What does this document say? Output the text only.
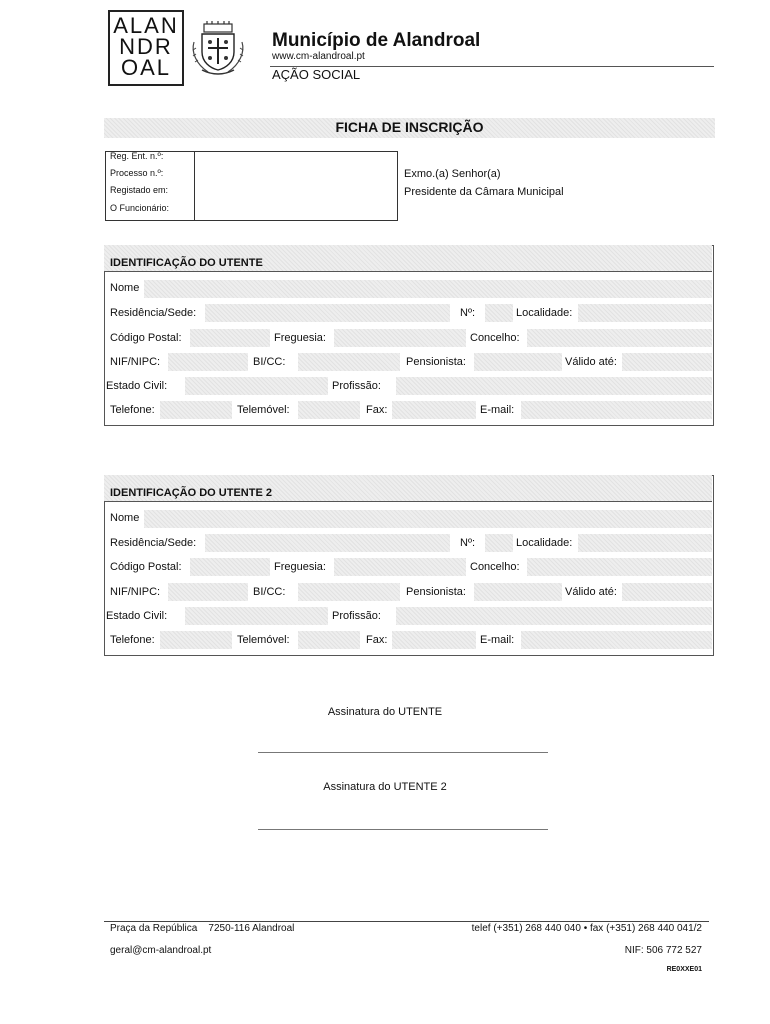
ALAN
NDR
OAL
Município de Alandroal
www.cm-alandroal.pt
AÇÃO SOCIAL
FICHA DE INSCRIÇÃO
Reg. Ent. n.º:
Processo n.º:
Registado em:
O Funcionário:
Exmo.(a) Senhor(a)
Presidente da Câmara Municipal
IDENTIFICAÇÃO DO UTENTE
Nome
Residência/Sede:	Nº:	Localidade:
Código Postal:	Freguesia:	Concelho:
NIF/NIPC:	BI/CC:	Pensionista:	Válido até:
Estado Civil:	Profissão:
Telefone:	Telemóvel:	Fax:	E-mail:
IDENTIFICAÇÃO DO UTENTE 2
Nome
Residência/Sede:	Nº:	Localidade:
Código Postal:	Freguesia:	Concelho:
NIF/NIPC:	BI/CC:	Pensionista:	Válido até:
Estado Civil:	Profissão:
Telefone:	Telemóvel:	Fax:	E-mail:
Assinatura do UTENTE
Assinatura do UTENTE 2
Praça da República    7250-116 Alandroal	telef (+351) 268 440 040 • fax (+351) 268 440 041/2
geral@cm-alandroal.pt	NIF: 506 772 527
RE0XXE01
